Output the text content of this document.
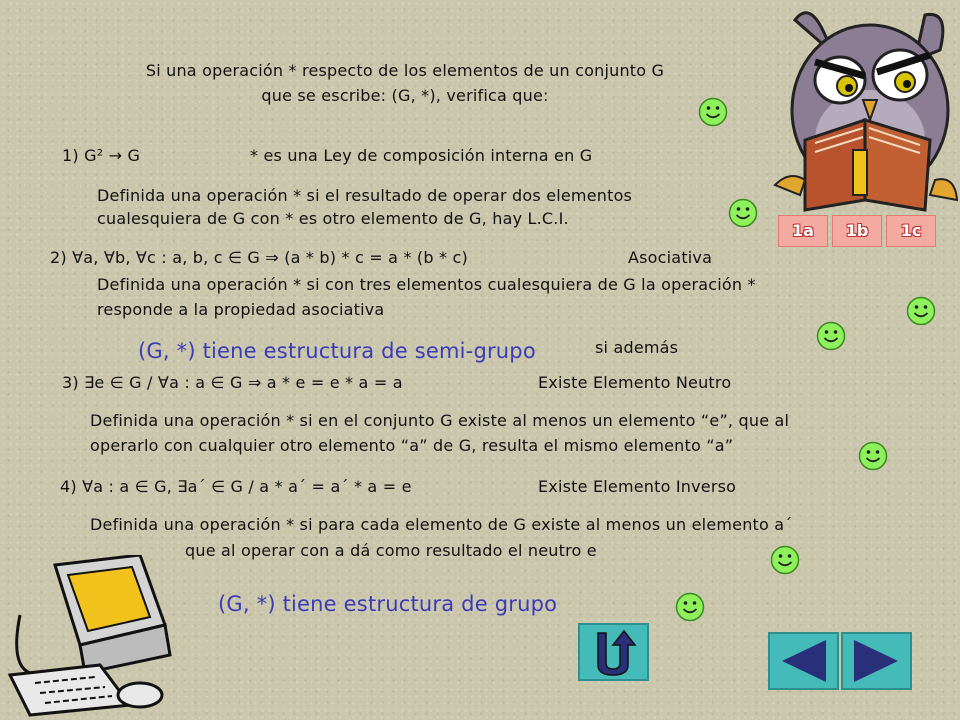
Si una operación * respecto de los elementos de un conjunto G
que se escribe: (G, *), verifica que:
1) G² → G	* es una Ley de composición interna en G
Definida una operación * si el resultado de operar dos elementos
cualesquiera de G con * es otro elemento de G, hay L.C.I.
1a	1b	1c
2) ∀a, ∀b, ∀c : a, b, c ∈ G ⇒ (a * b) * c = a * (b * c)	Asociativa
Definida una operación * si con tres elementos cualesquiera de G la operación *
responde a la propiedad asociativa
(G, *) tiene estructura de semi-grupo	si además
3) ∃e ∈ G / ∀a : a ∈ G ⇒ a * e = e * a = a	Existe Elemento Neutro
Definida una operación * si en el conjunto G existe al menos un elemento “e”, que al
operarlo con cualquier otro elemento “a” de G, resulta el mismo elemento “a”
4) ∀a : a ∈ G, ∃a´ ∈ G / a * a´ = a´ * a = e	Existe Elemento Inverso
Definida una operación * si para cada elemento de G existe al menos un elemento a´
que al operar con a dá como resultado el neutro e
(G, *) tiene estructura de grupo
